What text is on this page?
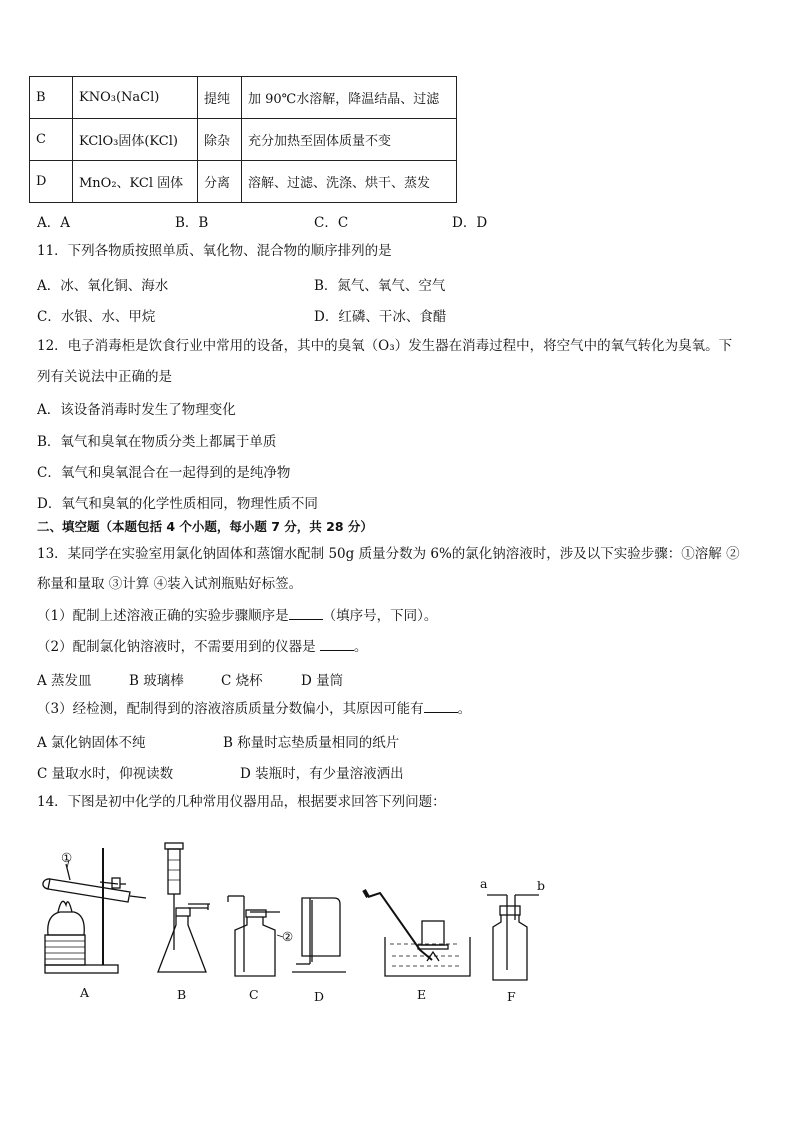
B	KNO₃(NaCl)	提纯	加 90℃水溶解，降温结晶、过滤
C	KClO₃固体(KCl)	除杂	充分加热至固体质量不变
D	MnO₂、KCl 固体	分离	溶解、过滤、洗涤、烘干、蒸发
A．A	B．B	C．C	D．D
11．下列各物质按照单质、氧化物、混合物的顺序排列的是
A．冰、氧化铜、海水	B．氮气、氧气、空气
C．水银、水、甲烷	D．红磷、干冰、食醋
12．电子消毒柜是饮食行业中常用的设备，其中的臭氧（O₃）发生器在消毒过程中，将空气中的氧气转化为臭氧。下
列有关说法中正确的是
A．该设备消毒时发生了物理变化
B．氧气和臭氧在物质分类上都属于单质
C．氧气和臭氧混合在一起得到的是纯净物
D．氧气和臭氧的化学性质相同，物理性质不同
二、填空题（本题包括 4 个小题，每小题 7 分，共 28 分）
13．某同学在实验室用氯化钠固体和蒸馏水配制 50g 质量分数为 6%的氯化钠溶液时，涉及以下实验步骤：①溶解 ②
称量和量取 ③计算 ④装入试剂瓶贴好标签。
（1）配制上述溶液正确的实验步骤顺序是	（填序号，下同）。
（2）配制氯化钠溶液时，不需要用到的仪器是	。
A 蒸发皿	B 玻璃棒	C 烧杯	D 量筒
（3）经检测，配制得到的溶液溶质质量分数偏小，其原因可能有	。
A 氯化钠固体不纯	B 称量时忘垫质量相同的纸片
C 量取水时，仰视读数	D 装瓶时，有少量溶液洒出
14．下图是初中化学的几种常用仪器用品，根据要求回答下列问题：
A	B	C	D	E	F
①
②
a	b
